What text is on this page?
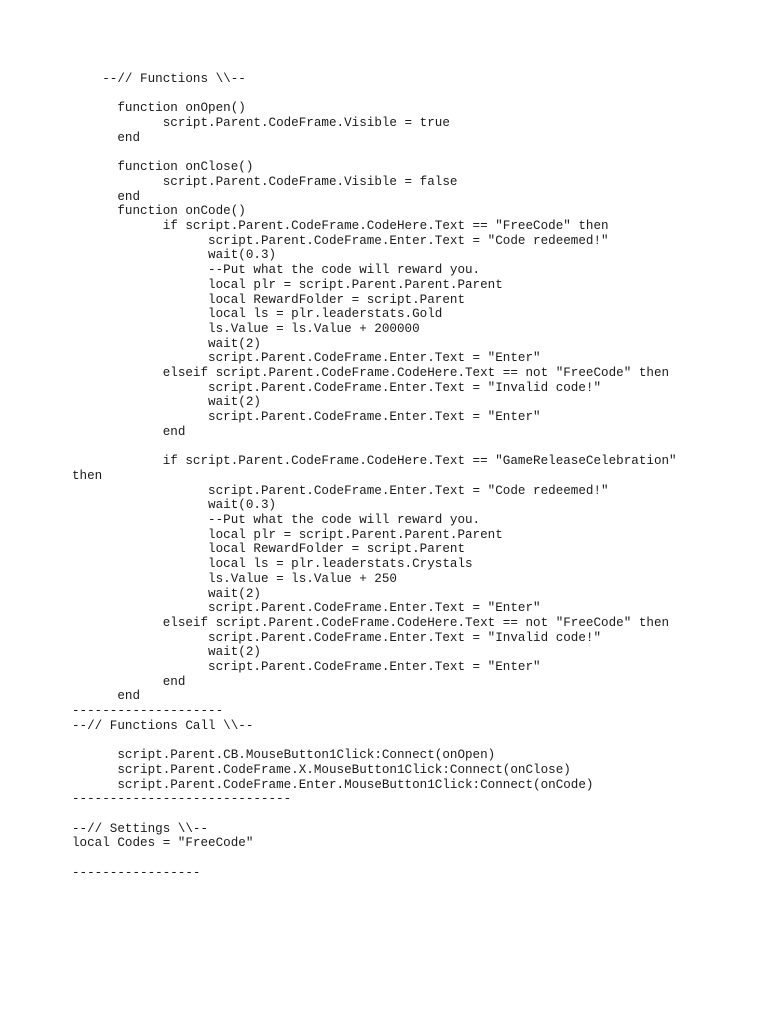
--// Functions \\--
	function onOpen()
		script.Parent.CodeFrame.Visible = true
	end
	function onClose()
		script.Parent.CodeFrame.Visible = false
	end
	function onCode()
		if script.Parent.CodeFrame.CodeHere.Text == "FreeCode" then
			script.Parent.CodeFrame.Enter.Text = "Code redeemed!"
			wait(0.3)
			--Put what the code will reward you.
			local plr = script.Parent.Parent.Parent
			local RewardFolder = script.Parent
			local ls = plr.leaderstats.Gold
			ls.Value = ls.Value + 200000
			wait(2)
			script.Parent.CodeFrame.Enter.Text = "Enter"
		elseif script.Parent.CodeFrame.CodeHere.Text == not "FreeCode" then
			script.Parent.CodeFrame.Enter.Text = "Invalid code!"
			wait(2)
			script.Parent.CodeFrame.Enter.Text = "Enter"
		end
		if script.Parent.CodeFrame.CodeHere.Text == "GameReleaseCelebration"
then
			script.Parent.CodeFrame.Enter.Text = "Code redeemed!"
			wait(0.3)
			--Put what the code will reward you.
			local plr = script.Parent.Parent.Parent
			local RewardFolder = script.Parent
			local ls = plr.leaderstats.Crystals
			ls.Value = ls.Value + 250
			wait(2)
			script.Parent.CodeFrame.Enter.Text = "Enter"
		elseif script.Parent.CodeFrame.CodeHere.Text == not "FreeCode" then
			script.Parent.CodeFrame.Enter.Text = "Invalid code!"
			wait(2)
			script.Parent.CodeFrame.Enter.Text = "Enter"
		end
	end
--------------------
--// Functions Call \\--
	script.Parent.CB.MouseButton1Click:Connect(onOpen)
	script.Parent.CodeFrame.X.MouseButton1Click:Connect(onClose)
	script.Parent.CodeFrame.Enter.MouseButton1Click:Connect(onCode)
-----------------------------
--// Settings \\--
local Codes = "FreeCode"
-----------------
